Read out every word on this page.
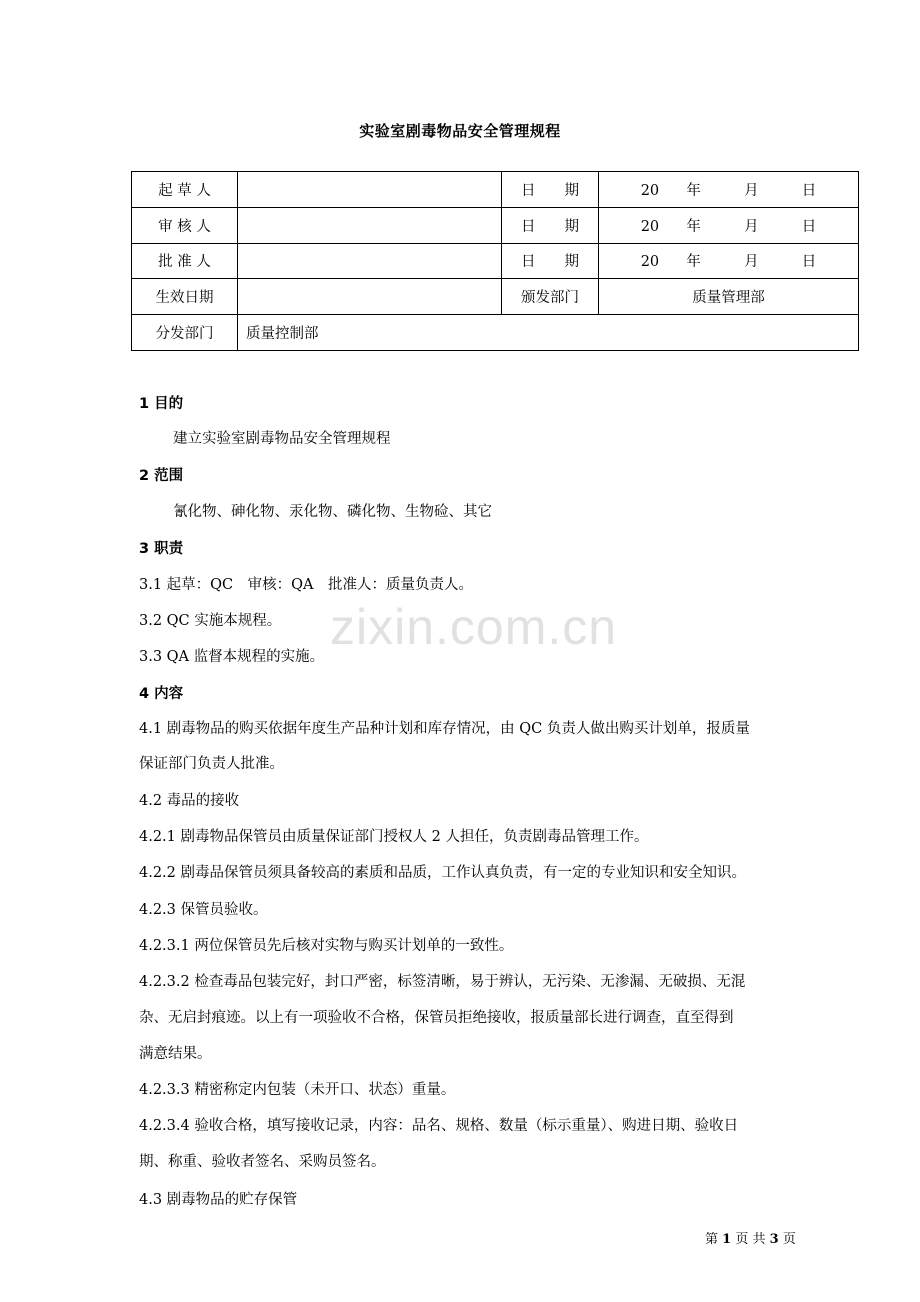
实验室剧毒物品安全管理规程
起 草 人		日　　期	20 年 月 日
审 核 人		日　　期	20 年 月 日
批 准 人		日　　期	20 年 月 日
生效日期		颁发部门	质量管理部
分发部门	质量控制部		
zixin.com.cn
1 目的
建立实验室剧毒物品安全管理规程
2 范围
氰化物、砷化物、汞化物、磷化物、生物硷、其它
3 职责
3.1 起草：QC　审核：QA　批准人：质量负责人。
3.2 QC 实施本规程。
3.3 QA 监督本规程的实施。
4 内容
4.1 剧毒物品的购买依据年度生产品种计划和库存情况，由 QC 负责人做出购买计划单，报质量
保证部门负责人批准。
4.2 毒品的接收
4.2.1 剧毒物品保管员由质量保证部门授权人 2 人担任，负责剧毒品管理工作。
4.2.2 剧毒品保管员须具备较高的素质和品质，工作认真负责，有一定的专业知识和安全知识。
4.2.3 保管员验收。
4.2.3.1 两位保管员先后核对实物与购买计划单的一致性。
4.2.3.2 检查毒品包装完好，封口严密，标签清晰，易于辨认，无污染、无渗漏、无破损、无混
杂、无启封痕迹。以上有一项验收不合格，保管员拒绝接收，报质量部长进行调查，直至得到
满意结果。
4.2.3.3 精密称定内包装（未开口、状态）重量。
4.2.3.4 验收合格，填写接收记录，内容：品名、规格、数量（标示重量）、购进日期、验收日
期、称重、验收者签名、采购员签名。
4.3 剧毒物品的贮存保管
第 1 页 共 3 页
